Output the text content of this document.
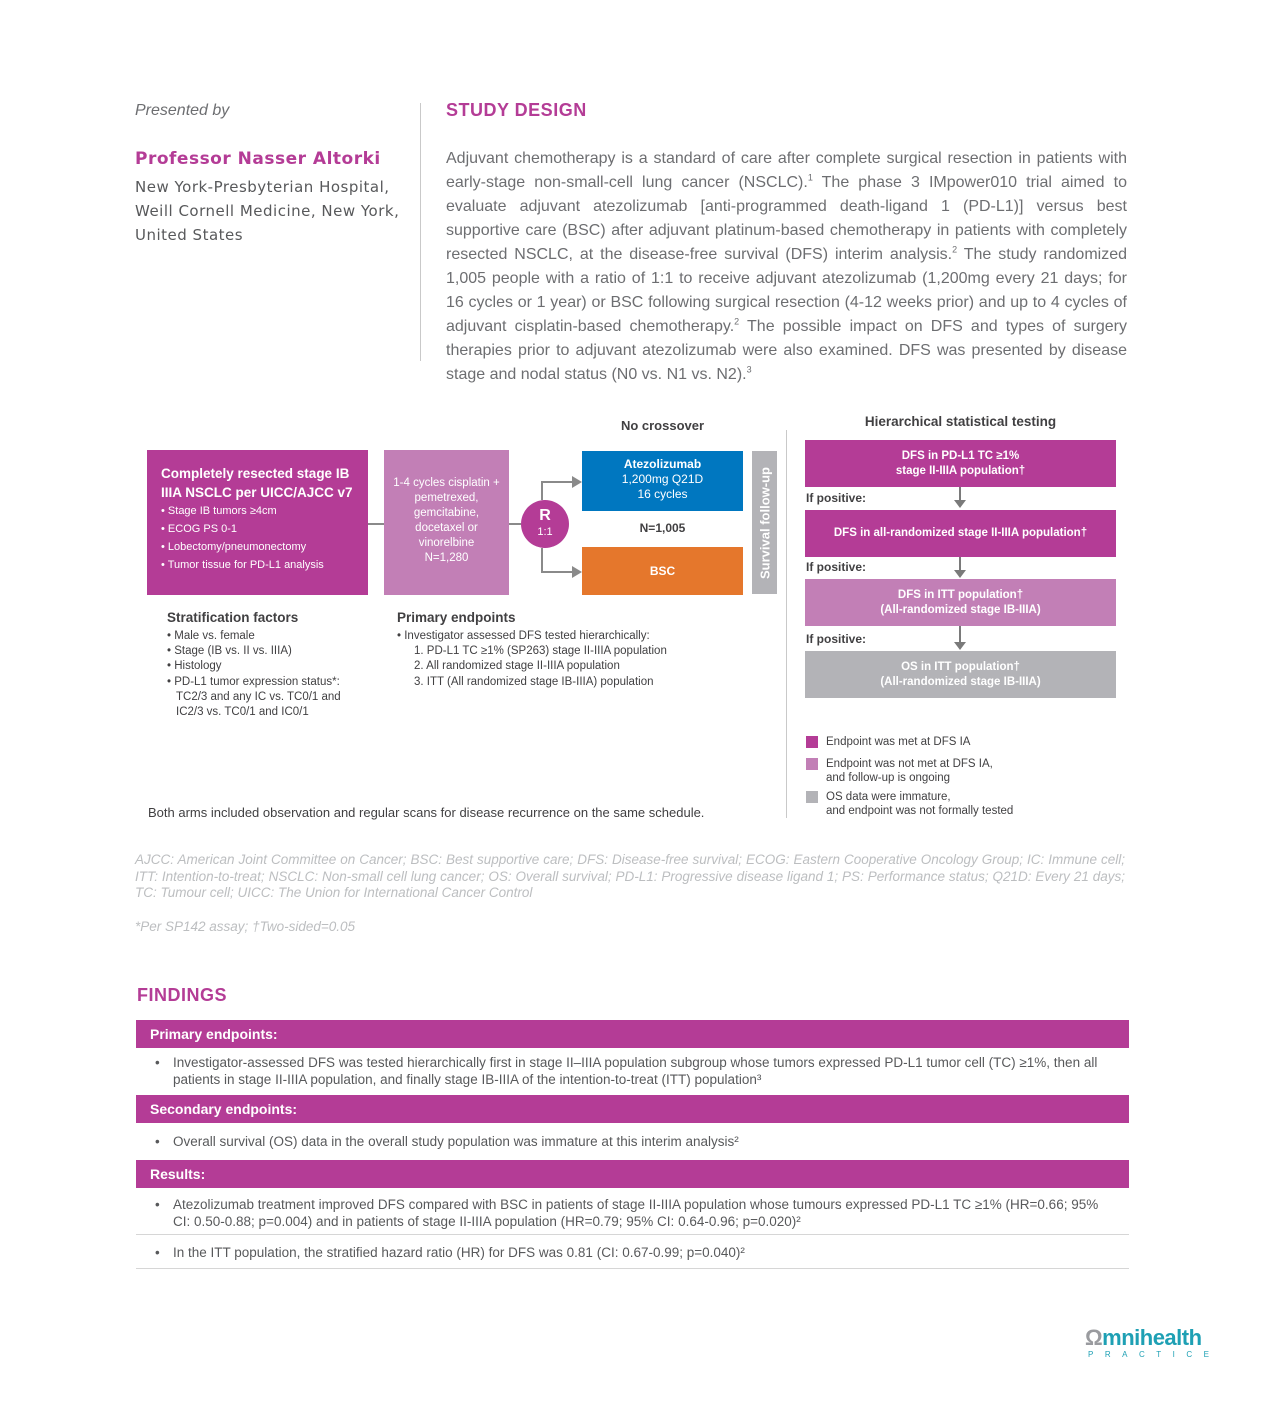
Presented by
Professor Nasser Altorki
New York-Presbyterian Hospital, Weill Cornell Medicine, New York, United States
STUDY DESIGN
Adjuvant chemotherapy is a standard of care after complete surgical resection in patients with early-stage non-small-cell lung cancer (NSCLC).$^1$ The phase 3 IMpower010 trial aimed to evaluate adjuvant atezolizumab [anti-programmed death-ligand 1 (PD-L1)] versus best supportive care (BSC) after adjuvant platinum-based chemotherapy in patients with completely resected NSCLC, at the disease-free survival (DFS) interim analysis.$^2$ The study randomized 1,005 people with a ratio of 1:1 to receive adjuvant atezolizumab (1,200mg every 21 days; for 16 cycles or 1 year) or BSC following surgical resection (4-12 weeks prior) and up to 4 cycles of adjuvant cisplatin-based chemotherapy.$^2$ The possible impact on DFS and types of surgery therapies prior to adjuvant atezolizumab were also examined. DFS was presented by disease stage and nodal status (N0 vs. N1 vs. N2).$^3$
Completely resected stage IB IIIA NSCLC per UICC/AJCC v7
• Stage IB tumors ≥4cm
• ECOG PS 0-1
• Lobectomy/pneumonectomy
• Tumor tissue for PD-L1 analysis
1-4 cycles cisplatin +
pemetrexed,
gemcitabine,
docetaxel or
vinorelbine
N=1,280
R
1:1
No crossover
Atezolizumab
1,200mg Q21D
16 cycles
N=1,005
BSC	Survival follow-up
Stratification factors
• Male vs. female
• Stage (IB vs. II vs. IIIA)
• Histology
• PD-L1 tumor expression status*:
TC2/3 and any IC vs. TC0/1 and
IC2/3 vs. TC0/1 and IC0/1
Primary endpoints
• Investigator assessed DFS tested hierarchically:
1. PD-L1 TC ≥1% (SP263) stage II-IIIA population
2. All randomized stage II-IIIA population
3. ITT (All randomized stage IB-IIIA) population
Both arms included observation and regular scans for disease recurrence on the same schedule.
Hierarchical statistical testing
DFS in PD-L1 TC ≥1%
stage II-IIIA population†
If positive:
DFS in all-randomized stage II-IIIA population†
If positive:
DFS in ITT population†
(All-randomized stage IB-IIIA)
If positive:
OS in ITT population†
(All-randomized stage IB-IIIA)
Endpoint was met at DFS IA
Endpoint was not met at DFS IA,
and follow-up is ongoing
OS data were immature,
and endpoint was not formally tested
AJCC: American Joint Committee on Cancer; BSC: Best supportive care; DFS: Disease-free survival; ECOG: Eastern Cooperative Oncology Group; IC: Immune cell; ITT: Intention-to-treat; NSCLC: Non-small cell lung cancer; OS: Overall survival; PD-L1: Progressive disease ligand 1; PS: Performance status; Q21D: Every 21 days; TC: Tumour cell; UICC: The Union for International Cancer Control
*Per SP142 assay; †Two-sided=0.05
FINDINGS
Primary endpoints:
• Investigator-assessed DFS was tested hierarchically first in stage II–IIIA population subgroup whose tumors expressed PD-L1 tumor cell (TC) ≥1%, then all patients in stage II-IIIA population, and finally stage IB-IIIA of the intention-to-treat (ITT) population³
Secondary endpoints:
• Overall survival (OS) data in the overall study population was immature at this interim analysis²
Results:
• Atezolizumab treatment improved DFS compared with BSC in patients of stage II-IIIA population whose tumours expressed PD-L1 TC ≥1% (HR=0.66; 95% CI: 0.50-0.88; p=0.004) and in patients of stage II-IIIA population (HR=0.79; 95% CI: 0.64-0.96; p=0.020)²
• In the ITT population, the stratified hazard ratio (HR) for DFS was 0.81 (CI: 0.67-0.99; p=0.040)²
Ωmnihealth
PRACTICE
